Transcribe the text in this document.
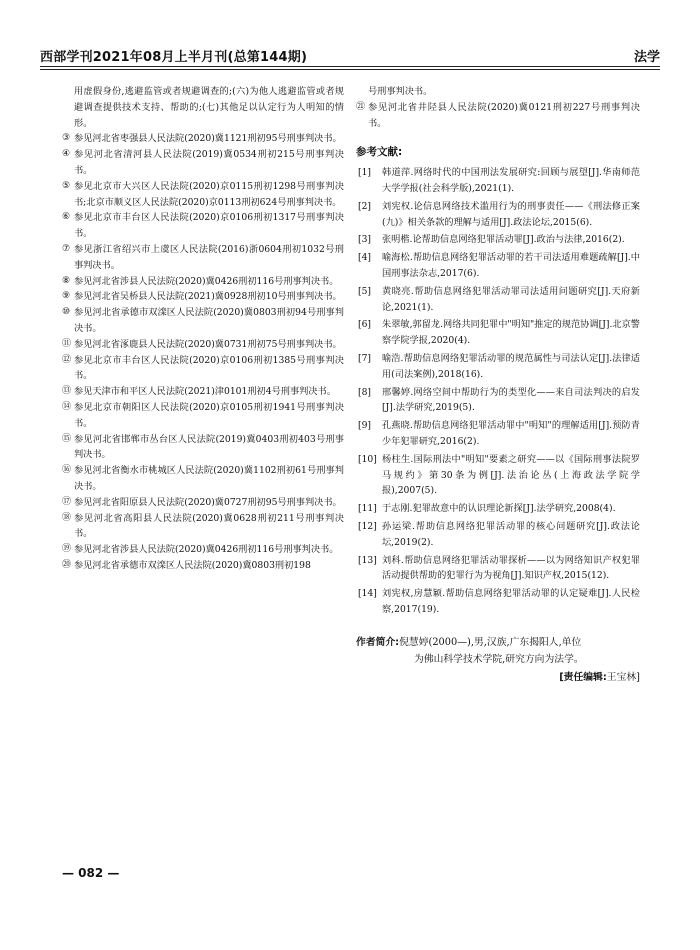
西部学刊2021年08月上半月刊(总第144期)	法学
用虚假身份,逃避监管或者规避调查的;(六)为他人逃避监管或者规避调查提供技术支持、帮助的;(七)其他足以认定行为人明知的情形。
③ 参见河北省枣强县人民法院(2020)冀1121刑初95号刑事判决书。
④ 参见河北省清河县人民法院(2019)冀0534刑初215号刑事判决书。
⑤ 参见北京市大兴区人民法院(2020)京0115刑初1298号刑事判决书;北京市顺义区人民法院(2020)京0113刑初624号刑事判决书。
⑥ 参见北京市丰台区人民法院(2020)京0106刑初1317号刑事判决书。
⑦ 参见浙江省绍兴市上虞区人民法院(2016)浙0604刑初1032号刑事判决书。
⑧ 参见河北省涉县人民法院(2020)冀0426刑初116号刑事判决书。
⑨ 参见河北省吴桥县人民法院(2021)冀0928刑初10号刑事判决书。
⑩ 参见河北省承德市双滦区人民法院(2020)冀0803刑初94号刑事判决书。
⑪ 参见河北省涿鹿县人民法院(2020)冀0731刑初75号刑事判决书。
⑫ 参见北京市丰台区人民法院(2020)京0106刑初1385号刑事判决书。
⑬ 参见天津市和平区人民法院(2021)津0101刑初4号刑事判决书。
⑭ 参见北京市朝阳区人民法院(2020)京0105刑初1941号刑事判决书。
⑮ 参见河北省邯郸市丛台区人民法院(2019)冀0403刑初403号刑事判决书。
⑯ 参见河北省衡水市桃城区人民法院(2020)冀1102刑初61号刑事判决书。
⑰ 参见河北省阳原县人民法院(2020)冀0727刑初95号刑事判决书。
⑱ 参见河北省高阳县人民法院(2020)冀0628刑初211号刑事判决书。
⑲ 参见河北省涉县人民法院(2020)冀0426刑初116号刑事判决书。
⑳ 参见河北省承德市双滦区人民法院(2020)冀0803刑初198
号刑事判决书。
㉑ 参见河北省井陉县人民法院(2020)冀0121刑初227号刑事判决书。
参考文献:
[1] 韩道萍.网络时代的中国刑法发展研究:回顾与展望[J].华南师范大学学报(社会科学版),2021(1).
[2] 刘宪权.论信息网络技术滥用行为的刑事责任——《刑法修正案(九)》相关条款的理解与适用[J].政法论坛,2015(6).
[3] 张明楷.论帮助信息网络犯罪活动罪[J].政治与法律,2016(2).
[4] 喻海松.帮助信息网络犯罪活动罪的若干司法适用难题疏解[J].中国刑事法杂志,2017(6).
[5] 黄晓亮.帮助信息网络犯罪活动罪司法适用问题研究[J].天府新论,2021(1).
[6] 朱翠敏,郭留龙.网络共同犯罪中"明知"推定的规范协调[J].北京警察学院学报,2020(4).
[7] 喻浩.帮助信息网络犯罪活动罪的规范属性与司法认定[J].法律适用(司法案例),2018(16).
[8] 邢馨婷.网络空间中帮助行为的类型化——来自司法判决的启发[J].法学研究,2019(5).
[9] 孔燕晓.帮助信息网络犯罪活动罪中"明知"的理解适用[J].预防青少年犯罪研究,2016(2).
[10] 杨柱生.国际刑法中"明知"要素之研究——以《国际刑事法院罗马规约》第30条为例[J].法治论丛(上海政法学院学报),2007(5).
[11] 于志刚.犯罪故意中的认识理论新探[J].法学研究,2008(4).
[12] 孙运梁.帮助信息网络犯罪活动罪的核心问题研究[J].政法论坛,2019(2).
[13] 刘科.帮助信息网络犯罪活动罪探析——以为网络知识产权犯罪活动提供帮助的犯罪行为为视角[J].知识产权,2015(12).
[14] 刘宪权,房慧颖.帮助信息网络犯罪活动罪的认定疑难[J].人民检察,2017(19).
作者简介:倪慧婷(2000—),男,汉族,广东揭阳人,单位
为佛山科学技术学院,研究方向为法学。
[责任编辑:王宝林]
— 082 —
